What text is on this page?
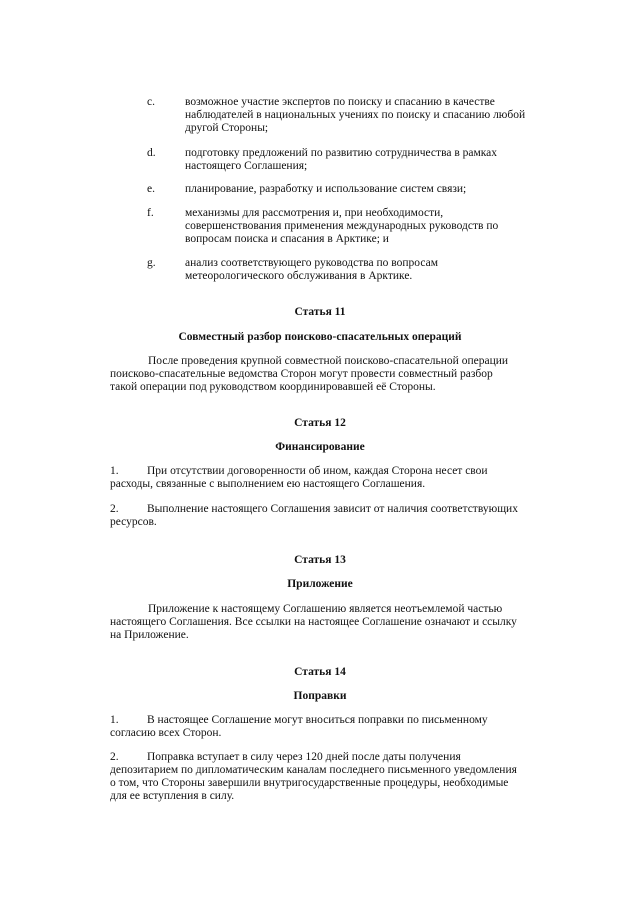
c.	возможное участие экспертов по поиску и спасанию в качестве
наблюдателей в национальных учениях по поиску и спасанию любой
другой Стороны;
d.	подготовку предложений по развитию сотрудничества в рамках
настоящего Соглашения;
e.	планирование, разработку и использование систем связи;
f.	механизмы для рассмотрения и, при необходимости,
совершенствования применения международных руководств по
вопросам поиска и спасания в Арктике; и
g.	анализ соответствующего руководства по вопросам
метеорологического обслуживания в Арктике.
Статья 11
Совместный разбор поисково-спасательных операций
После проведения крупной совместной поисково-спасательной операции
поисково-спасательные ведомства Сторон могут провести совместный разбор
такой операции под руководством координировавшей её Стороны.
Статья 12
Финансирование
1.	При отсутствии договоренности об ином, каждая Сторона несет свои
расходы, связанные с выполнением ею настоящего Соглашения.
2.	Выполнение настоящего Соглашения зависит от наличия соответствующих
ресурсов.
Статья 13
Приложение
Приложение к настоящему Соглашению является неотъемлемой частью
настоящего Соглашения. Все ссылки на настоящее Соглашение означают и ссылку
на Приложение.
Статья 14
Поправки
1.	В настоящее Соглашение могут вноситься поправки по письменному
согласию всех Сторон.
2.	Поправка вступает в силу через 120 дней после даты получения
депозитарием по дипломатическим каналам последнего письменного уведомления
о том, что Стороны завершили внутригосударственные процедуры, необходимые
для ее вступления в силу.
